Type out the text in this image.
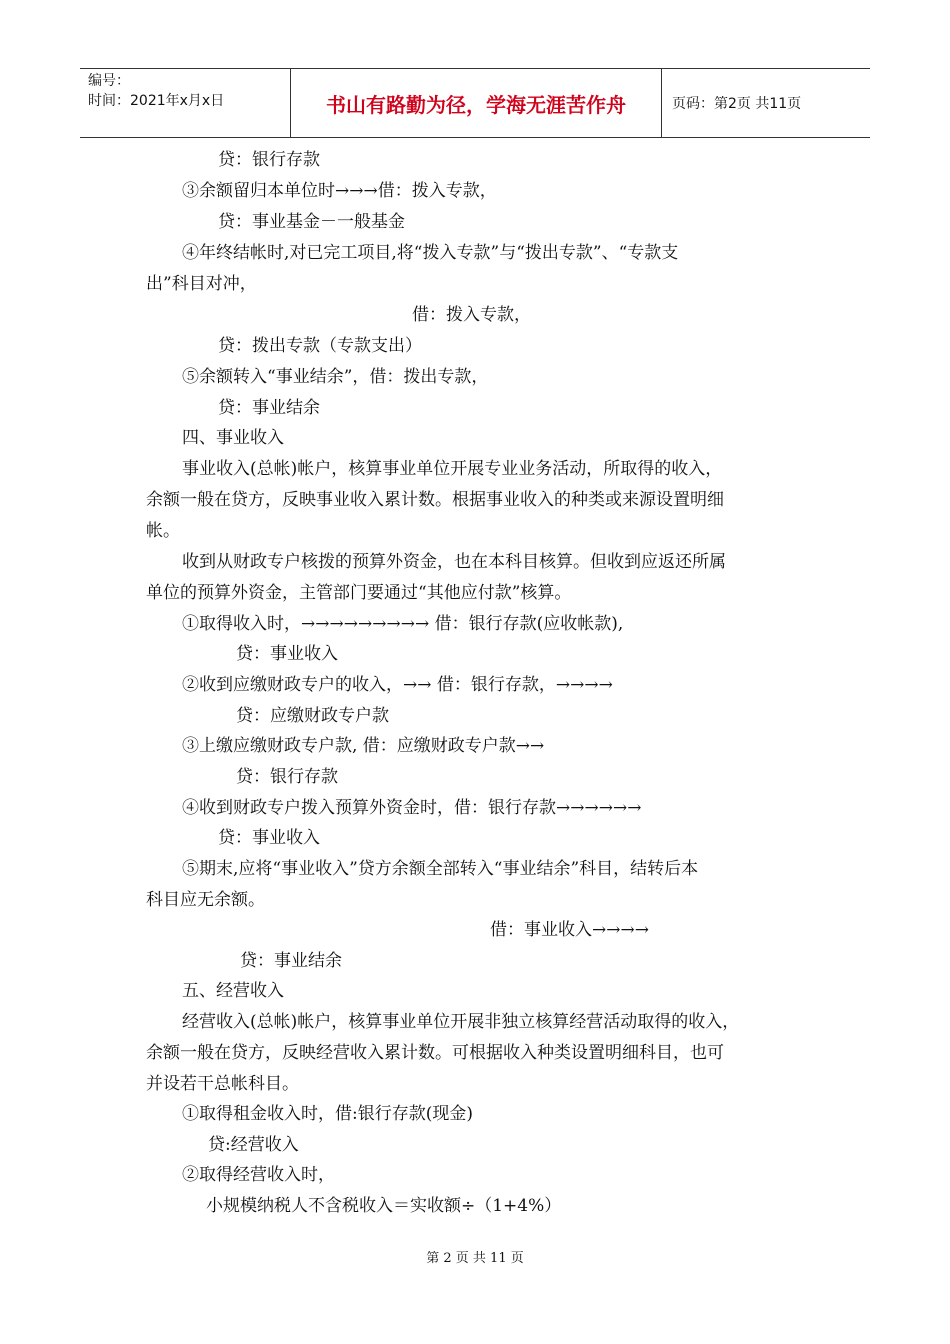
编号：
时间：2021年x月x日	书山有路勤为径，学海无涯苦作舟	页码：第2页 共11页
贷：银行存款
③余额留归本单位时→→→借：拨入专款，
贷：事业基金－一般基金
④年终结帐时,对已完工项目,将“拨入专款”与“拨出专款”、“专款支
出”科目对冲，
借：拨入专款，
贷：拨出专款（专款支出）
⑤余额转入“事业结余”，借：拨出专款，
贷：事业结余
四、事业收入
事业收入(总帐)帐户，核算事业单位开展专业业务活动，所取得的收入，
余额一般在贷方，反映事业收入累计数。根据事业收入的种类或来源设置明细
帐。
收到从财政专户核拨的预算外资金，也在本科目核算。但收到应返还所属
单位的预算外资金，主管部门要通过“其他应付款”核算。
①取得收入时，→→→→→→→→→ 借：银行存款(应收帐款),
贷：事业收入
②收到应缴财政专户的收入，→→ 借：银行存款，→→→→
贷：应缴财政专户款
③上缴应缴财政专户款, 借：应缴财政专户款→→
贷：银行存款
④收到财政专户拨入预算外资金时，借：银行存款→→→→→→
贷：事业收入
⑤期末,应将“事业收入”贷方余额全部转入“事业结余”科目，结转后本
科目应无余额。
借：事业收入→→→→
贷：事业结余
五、经营收入
经营收入(总帐)帐户，核算事业单位开展非独立核算经营活动取得的收入，
余额一般在贷方，反映经营收入累计数。可根据收入种类设置明细科目，也可
并设若干总帐科目。
①取得租金收入时，借:银行存款(现金)
贷:经营收入
②取得经营收入时，
小规模纳税人不含税收入＝实收额÷（1+4%）
第 2 页 共 11 页
